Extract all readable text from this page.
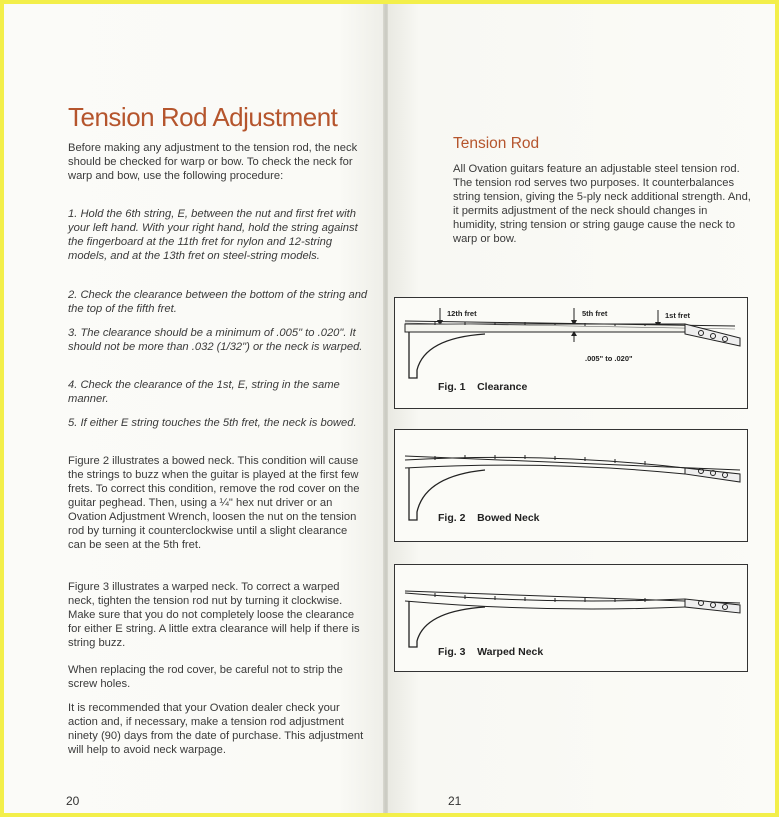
Tension Rod Adjustment

Before making any adjustment to the tension rod, the neck should be checked for warp or bow. To check the neck for warp and bow, use the following procedure:

1. Hold the 6th string, E, between the nut and first fret with your left hand. With your right hand, hold the string against the fingerboard at the 11th fret for nylon and 12-string models, and at the 13th fret on steel-string models.

2. Check the clearance between the bottom of the string and the top of the fifth fret.

3. The clearance should be a minimum of .005" to .020". It should not be more than .032 (1/32") or the neck is warped.

4. Check the clearance of the 1st, E, string in the same manner.

5. If either E string touches the 5th fret, the neck is bowed.

Figure 2 illustrates a bowed neck. This condition will cause the strings to buzz when the guitar is played at the first few frets. To correct this condition, remove the rod cover on the guitar peghead. Then, using a ¼" hex nut driver or an Ovation Adjustment Wrench, loosen the nut on the tension rod by turning it counterclockwise until a slight clearance can be seen at the 5th fret.

Figure 3 illustrates a warped neck. To correct a warped neck, tighten the tension rod nut by turning it clockwise. Make sure that you do not completely loose the clearance for either E string. A little extra clearance will help if there is string buzz.

When replacing the rod cover, be careful not to strip the screw holes.

It is recommended that your Ovation dealer check your action and, if necessary, make a tension rod adjustment ninety (90) days from the date of purchase. This adjustment will help to avoid neck warpage.

20
Tension Rod

All Ovation guitars feature an adjustable steel tension rod. The tension rod serves two purposes. It counterbalances string tension, giving the 5-ply neck additional strength. And, it permits adjustment of the neck should changes in humidity, string tension or string gauge cause the neck to warp or bow.

12th fret	5th fret	1st fret
.005" to .020"
Fig. 1    Clearance
Fig. 2    Bowed Neck
Fig. 3    Warped Neck
21
